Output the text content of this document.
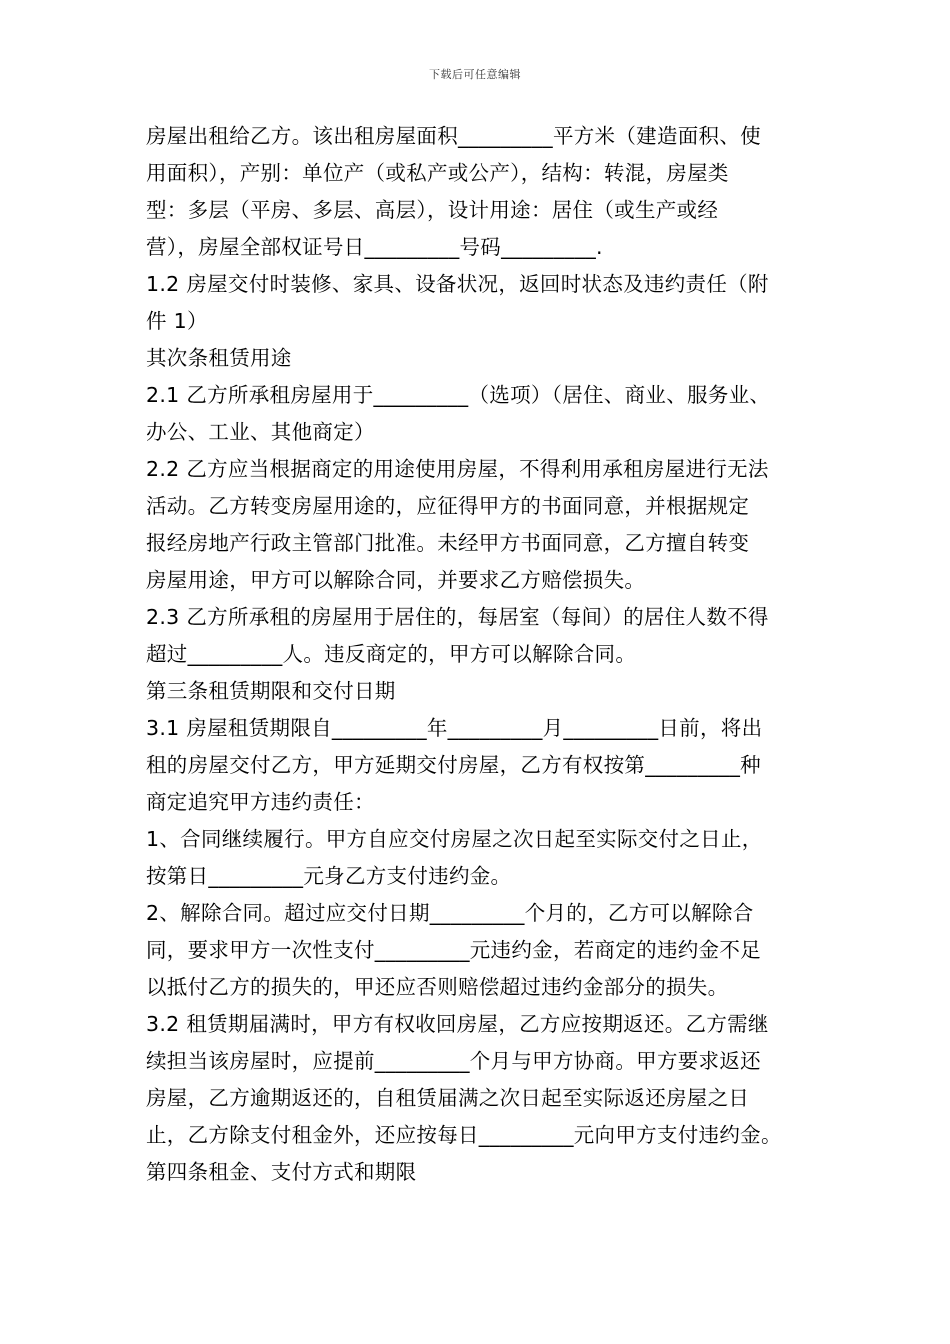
下载后可任意编辑
房屋出租给乙方。该出租房屋面积_________平方米（建造面积、使
用面积），产别：单位产（或私产或公产），结构：转混，房屋类
型：多层（平房、多层、高层），设计用途：居住（或生产或经
营），房屋全部权证号日_________号码_________.
1.2 房屋交付时装修、家具、设备状况，返回时状态及违约责任（附
件 1）
其次条租赁用途
2.1 乙方所承租房屋用于_________（选项）（居住、商业、服务业、
办公、工业、其他商定）
2.2 乙方应当根据商定的用途使用房屋，不得利用承租房屋进行无法
活动。乙方转变房屋用途的，应征得甲方的书面同意，并根据规定
报经房地产行政主管部门批准。未经甲方书面同意，乙方擅自转变
房屋用途，甲方可以解除合同，并要求乙方赔偿损失。
2.3 乙方所承租的房屋用于居住的，每居室（每间）的居住人数不得
超过_________人。违反商定的，甲方可以解除合同。
第三条租赁期限和交付日期
3.1 房屋租赁期限自_________年_________月_________日前，将出
租的房屋交付乙方，甲方延期交付房屋，乙方有权按第_________种
商定追究甲方违约责任：
1、合同继续履行。甲方自应交付房屋之次日起至实际交付之日止，
按第日_________元身乙方支付违约金。
2、解除合同。超过应交付日期_________个月的，乙方可以解除合
同，要求甲方一次性支付_________元违约金，若商定的违约金不足
以抵付乙方的损失的，甲还应否则赔偿超过违约金部分的损失。
3.2 租赁期届满时，甲方有权收回房屋，乙方应按期返还。乙方需继
续担当该房屋时，应提前_________个月与甲方协商。甲方要求返还
房屋，乙方逾期返还的，自租赁届满之次日起至实际返还房屋之日
止，乙方除支付租金外，还应按每日_________元向甲方支付违约金。
第四条租金、支付方式和期限
